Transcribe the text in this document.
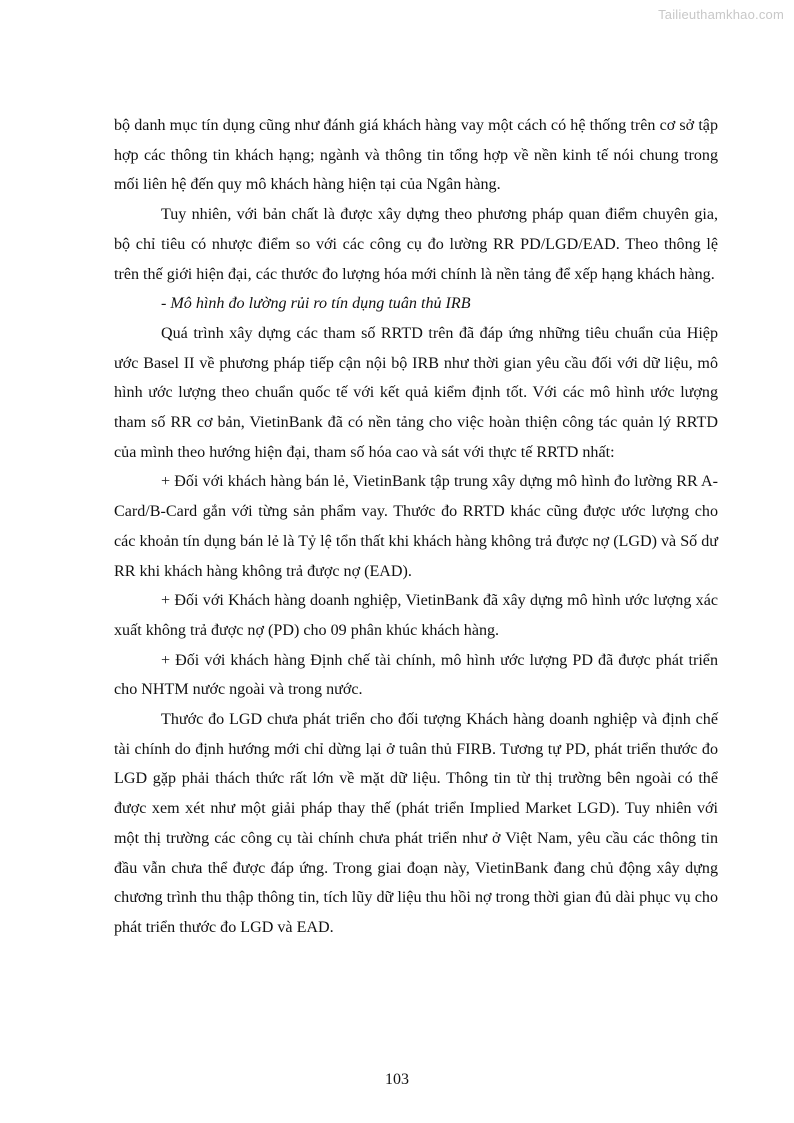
Tailieuthamkhao.com

bộ danh mục tín dụng cũng như đánh giá khách hàng vay một cách có hệ thống trên cơ sở tập hợp các thông tin khách hạng; ngành và thông tin tổng hợp về nền kinh tế nói chung trong mối liên hệ đến quy mô khách hàng hiện tại của Ngân hàng.

Tuy nhiên, với bản chất là được xây dựng theo phương pháp quan điểm chuyên gia, bộ chỉ tiêu có nhược điểm so với các công cụ đo lường RR PD/LGD/EAD. Theo thông lệ trên thế giới hiện đại, các thước đo lượng hóa mới chính là nền tảng để xếp hạng khách hàng.

- Mô hình đo lường rủi ro tín dụng tuân thủ IRB

Quá trình xây dựng các tham số RRTD trên đã đáp ứng những tiêu chuẩn của Hiệp ước Basel II về phương pháp tiếp cận nội bộ IRB như thời gian yêu cầu đối với dữ liệu, mô hình ước lượng theo chuẩn quốc tế với kết quả kiểm định tốt. Với các mô hình ước lượng tham số RR cơ bản, VietinBank đã có nền tảng cho việc hoàn thiện công tác quản lý RRTD của mình theo hướng hiện đại, tham số hóa cao và sát với thực tế RRTD nhất:

+ Đối với khách hàng bán lẻ, VietinBank tập trung xây dựng mô hình đo lường RR A-Card/B-Card gắn với từng sản phẩm vay. Thước đo RRTD khác cũng được ước lượng cho các khoản tín dụng bán lẻ là Tỷ lệ tổn thất khi khách hàng không trả được nợ (LGD) và Số dư RR khi khách hàng không trả được nợ (EAD).

+ Đối với Khách hàng doanh nghiệp, VietinBank đã xây dựng mô hình ước lượng xác xuất không trả được nợ (PD) cho 09 phân khúc khách hàng.

+ Đối với khách hàng Định chế tài chính, mô hình ước lượng PD đã được phát triển cho NHTM nước ngoài và trong nước.

Thước đo LGD chưa phát triển cho đối tượng Khách hàng doanh nghiệp và định chế tài chính do định hướng mới chỉ dừng lại ở tuân thủ FIRB. Tương tự PD, phát triển thước đo LGD gặp phải thách thức rất lớn về mặt dữ liệu. Thông tin từ thị trường bên ngoài có thể được xem xét như một giải pháp thay thế (phát triển Implied Market LGD). Tuy nhiên với một thị trường các công cụ tài chính chưa phát triển như ở Việt Nam, yêu cầu các thông tin đầu vẫn chưa thể được đáp ứng. Trong giai đoạn này, VietinBank đang chủ động xây dựng chương trình thu thập thông tin, tích lũy dữ liệu thu hồi nợ trong thời gian đủ dài phục vụ cho phát triển thước đo LGD và EAD.

103
